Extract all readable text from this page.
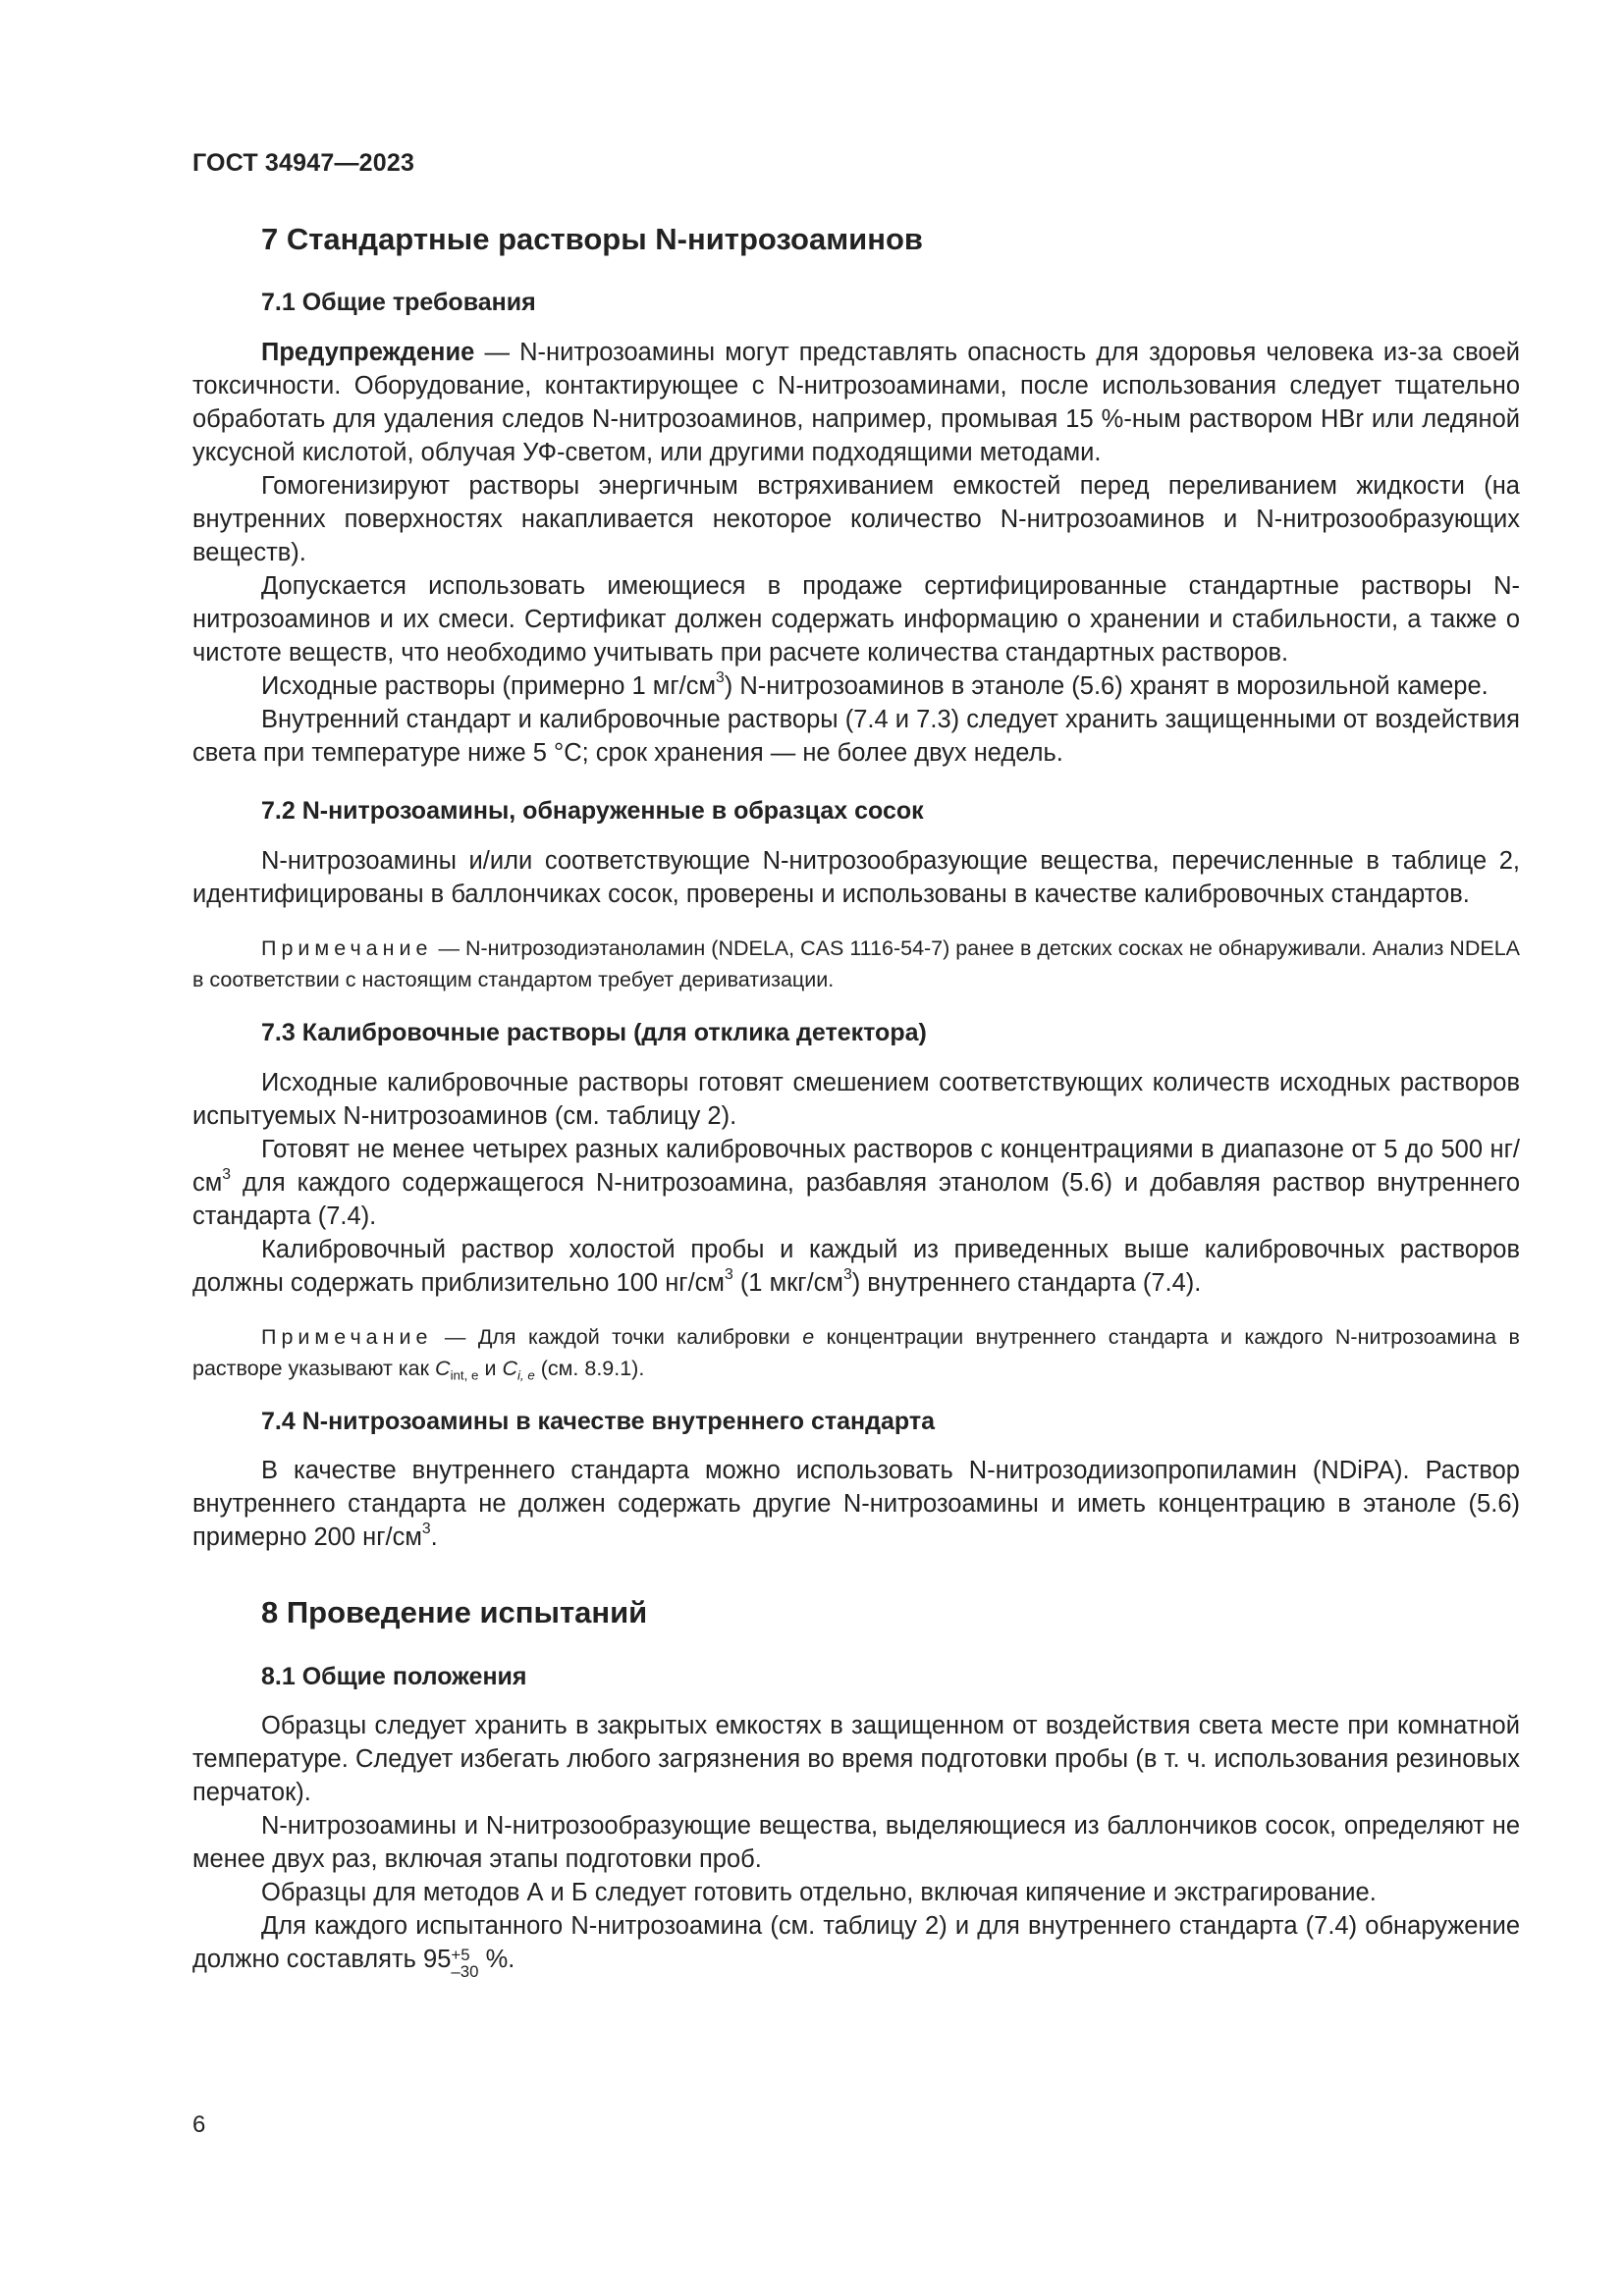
ГОСТ 34947—2023
7 Стандартные растворы N-нитрозоаминов
7.1 Общие требования

Предупреждение — N-нитрозоамины могут представлять опасность для здоровья человека из-за своей токсичности. Оборудование, контактирующее с N-нитрозоаминами, после использования следует тщательно обработать для удаления следов N-нитрозоаминов, например, промывая 15 %-ным раствором HBr или ледяной уксусной кислотой, облучая УФ-светом, или другими подходящими методами.

Гомогенизируют растворы энергичным встряхиванием емкостей перед переливанием жидкости (на внутренних поверхностях накапливается некоторое количество N-нитрозоаминов и N-нитрозообразующих веществ).

Допускается использовать имеющиеся в продаже сертифицированные стандартные растворы N-нитрозоаминов и их смеси. Сертификат должен содержать информацию о хранении и стабильности, а также о чистоте веществ, что необходимо учитывать при расчете количества стандартных растворов.

Исходные растворы (примерно 1 $мг/см^3$) N-нитрозоаминов в этаноле (5.6) хранят в морозильной камере.

Внутренний стандарт и калибровочные растворы (7.4 и 7.3) следует хранить защищенными от воздействия света при температуре ниже 5 °C; срок хранения — не более двух недель.

7.2 N-нитрозоамины, обнаруженные в образцах сосок

N-нитрозоамины и/или соответствующие N-нитрозообразующие вещества, перечисленные в таблице 2, идентифицированы в баллончиках сосок, проверены и использованы в качестве калибровочных стандартов.

Примечание — N-нитрозодиэтаноламин (NDELA, CAS 1116-54-7) ранее в детских сосках не обнаруживали. Анализ NDELA в соответствии с настоящим стандартом требует дериватизации.

7.3 Калибровочные растворы (для отклика детектора)

Исходные калибровочные растворы готовят смешением соответствующих количеств исходных растворов испытуемых N-нитрозоаминов (см. таблицу 2).

Готовят не менее четырех разных калибровочных растворов с концентрациями в диапазоне от 5 до 500 $нг/см^3$ для каждого содержащегося N-нитрозоамина, разбавляя этанолом (5.6) и добавляя раствор внутреннего стандарта (7.4).

Калибровочный раствор холостой пробы и каждый из приведенных выше калибровочных растворов должны содержать приблизительно 100 $нг/см^3$ (1 мкг/$см^3$) внутреннего стандарта (7.4).

Примечание — Для каждой точки калибровки e концентрации внутреннего стандарта и каждого N-нитрозоамина в растворе указывают как $C_{int, e}$ и $C_{i, e}$ (см. 8.9.1).

7.4 N-нитрозоамины в качестве внутреннего стандарта

В качестве внутреннего стандарта можно использовать N-нитрозодиизопропиламин (NDiPA). Раствор внутреннего стандарта не должен содержать другие N-нитрозоамины и иметь концентрацию в этаноле (5.6) примерно 200 $нг/см^3$.

8 Проведение испытаний
8.1 Общие положения

Образцы следует хранить в закрытых емкостях в защищенном от воздействия света месте при комнатной температуре. Следует избегать любого загрязнения во время подготовки пробы (в т. ч. использования резиновых перчаток).

N-нитрозоамины и N-нитрозообразующие вещества, выделяющиеся из баллончиков сосок, определяют не менее двух раз, включая этапы подготовки проб.

Образцы для методов А и Б следует готовить отдельно, включая кипячение и экстрагирование.

Для каждого испытанного N-нитрозоамина (см. таблицу 2) и для внутреннего стандарта (7.4) обнаружение должно составлять 95 +5
–30 %.

6
